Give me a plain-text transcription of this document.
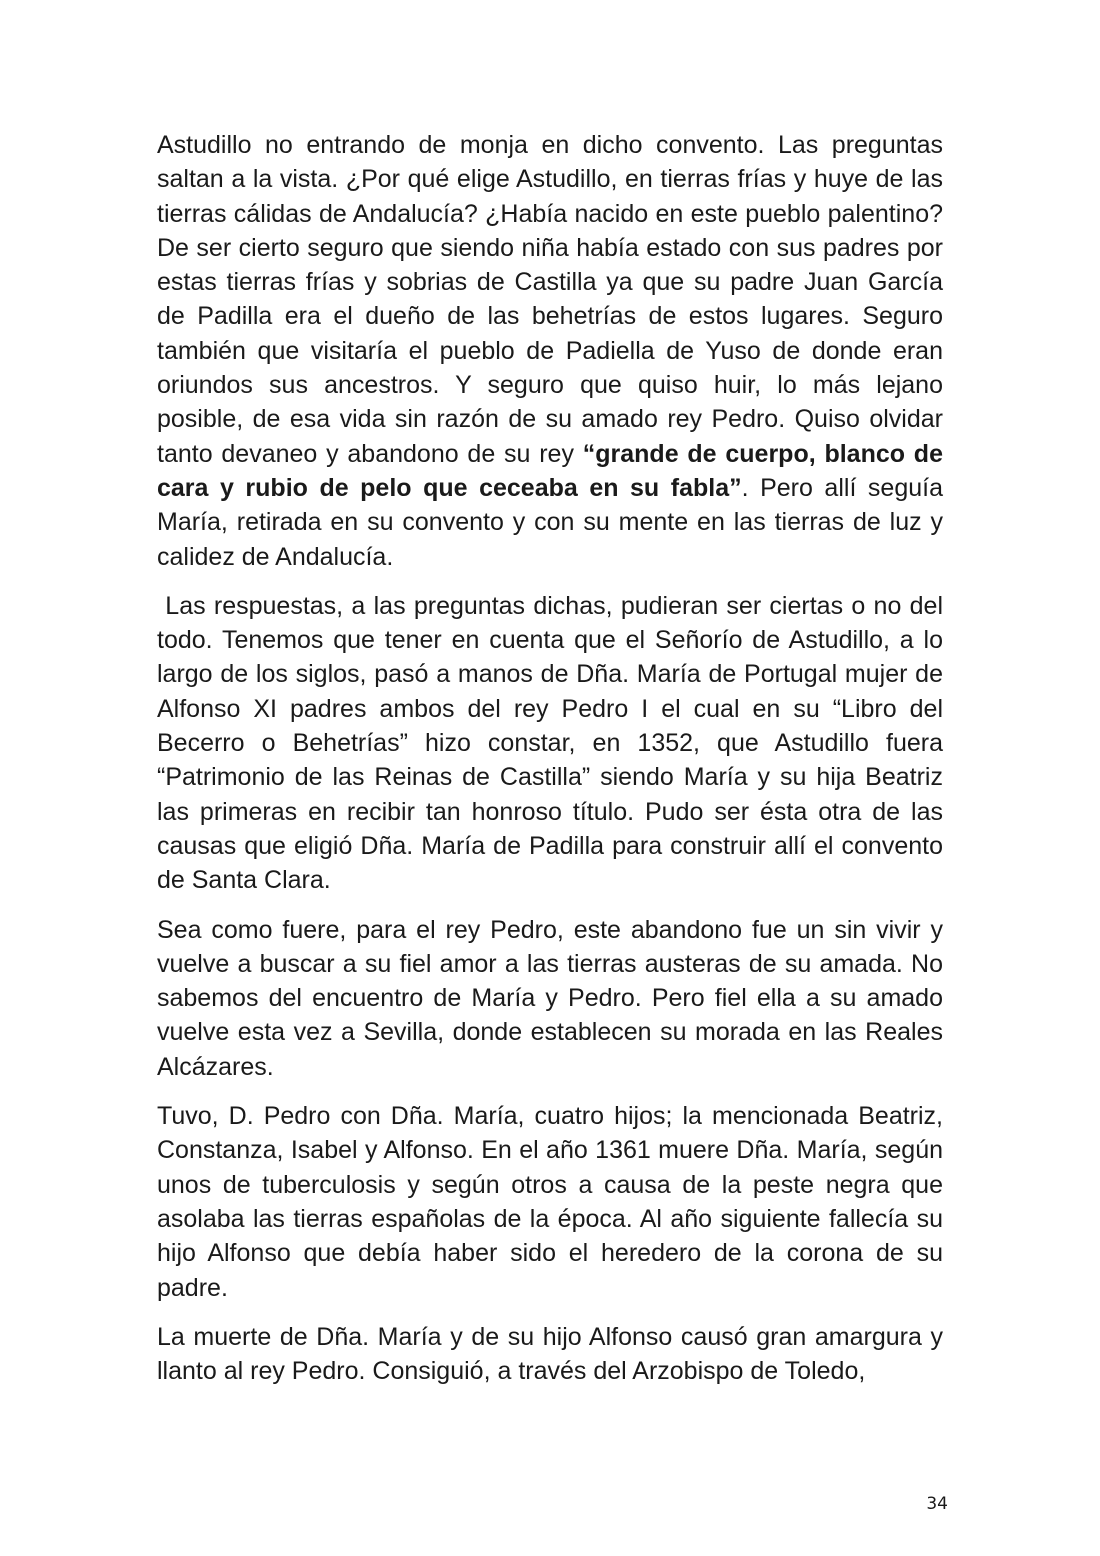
Astudillo no entrando de monja en dicho convento. Las preguntas saltan a la vista. ¿Por qué elige Astudillo, en tierras frías y huye de las tierras cálidas de Andalucía? ¿Había nacido en este pueblo palentino? De ser cierto seguro que siendo niña había estado con sus padres por estas tierras frías y sobrias de Castilla ya que su padre Juan García de Padilla era el dueño de las behetrías de estos lugares. Seguro también que visitaría el pueblo de Padiella de Yuso de donde eran oriundos sus ancestros. Y seguro que quiso huir, lo más lejano posible, de esa vida sin razón de su amado rey Pedro. Quiso olvidar tanto devaneo y abandono de su rey “grande de cuerpo, blanco de cara y rubio de pelo que ceceaba en su fabla”. Pero allí seguía María, retirada en su convento y con su mente en las tierras de luz y calidez de Andalucía.

Las respuestas, a las preguntas dichas, pudieran ser ciertas o no del todo. Tenemos que tener en cuenta que el Señorío de Astudillo, a lo largo de los siglos, pasó a manos de Dña. María de Portugal mujer de Alfonso XI padres ambos del rey Pedro I el cual en su “Libro del Becerro o Behetrías” hizo constar, en 1352, que Astudillo fuera “Patrimonio de las Reinas de Castilla” siendo María y su hija Beatriz las primeras en recibir tan honroso título. Pudo ser ésta otra de las causas que eligió Dña. María de Padilla para construir allí el convento de Santa Clara.

Sea como fuere, para el rey Pedro, este abandono fue un sin vivir y vuelve a buscar a su fiel amor a las tierras austeras de su amada. No sabemos del encuentro de María y Pedro. Pero fiel ella a su amado vuelve esta vez a Sevilla, donde establecen su morada en las Reales Alcázares.

Tuvo, D. Pedro con Dña. María, cuatro hijos; la mencionada Beatriz, Constanza, Isabel y Alfonso. En el año 1361 muere Dña. María, según unos de tuberculosis y según otros a causa de la peste negra que asolaba las tierras españolas de la época. Al año siguiente fallecía su hijo Alfonso que debía haber sido el heredero de la corona de su padre.

La muerte de Dña. María y de su hijo Alfonso causó gran amargura y llanto al rey Pedro. Consiguió, a través del Arzobispo de Toledo,

34
